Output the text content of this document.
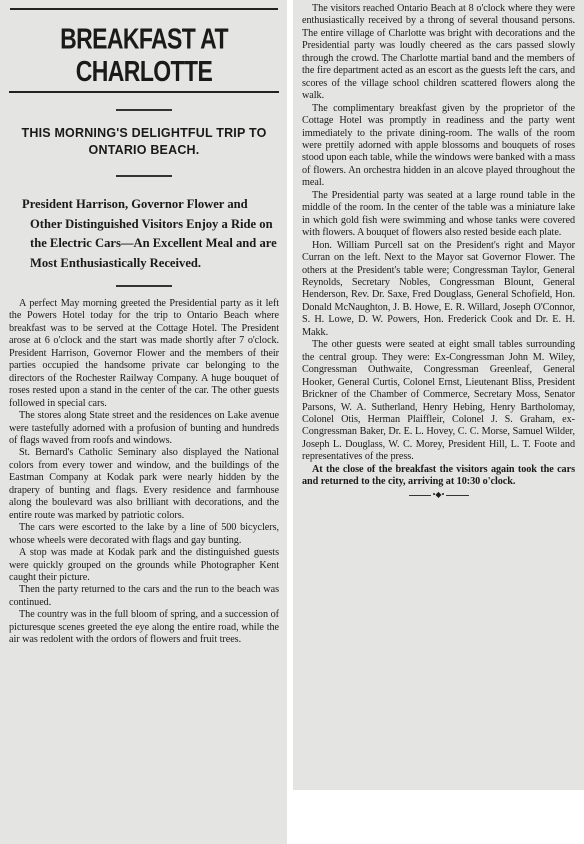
BREAKFAST AT CHARLOTTE

THIS MORNING'S DELIGHTFUL TRIP TO

ONTARIO BEACH.

President Harrison, Governor Flower and Other Distinguished Visitors Enjoy a Ride on the Electric Cars—An Excellent Meal and are Most Enthusiastically Received.

A perfect May morning greeted the Presidential party as it left the Powers Hotel today for the trip to Ontario Beach where breakfast was to be served at the Cottage Hotel. The President arose at 6 o'clock and the start was made shortly after 7 o'clock. President Harrison, Governor Flower and the members of their parties occupied the handsome private car belonging to the directors of the Rochester Railway Company. A huge bouquet of roses rested upon a stand in the center of the car. The other guests followed in special cars.

The stores along State street and the residences on Lake avenue were tastefully adorned with a profusion of bunting and hundreds of flags waved from roofs and windows.

St. Bernard's Catholic Seminary also displayed the National colors from every tower and window, and the buildings of the Eastman Company at Kodak park were nearly hidden by the drapery of bunting and flags. Every residence and farmhouse along the boulevard was also brilliant with decorations, and the entire route was marked by patriotic colors.

The cars were escorted to the lake by a line of 500 bicyclers, whose wheels were decorated with flags and gay bunting.

A stop was made at Kodak park and the distinguished guests were quickly grouped on the grounds while Photographer Kent caught their picture.

Then the party returned to the cars and the run to the beach was continued.

The country was in the full bloom of spring, and a succession of picturesque scenes greeted the eye along the entire road, while the air was redolent with the ordors of flowers and fruit trees.

The visitors reached Ontario Beach at 8 o'clock where they were enthusiastically received by a throng of several thousand persons. The entire village of Charlotte was bright with decorations and the Presidential party was loudly cheered as the cars passed slowly through the crowd. The Charlotte martial band and the members of the fire department acted as an escort as the guests left the cars, and scores of the village school children scattered flowers along the walk.

The complimentary breakfast given by the proprietor of the Cottage Hotel was promptly in readiness and the party went immediately to the private dining-room. The walls of the room were prettily adorned with apple blossoms and bouquets of roses stood upon each table, while the windows were banked with a mass of flowers. An orchestra hidden in an alcove played throughout the meal.

The Presidential party was seated at a large round table in the middle of the room. In the center of the table was a miniature lake in which gold fish were swimming and whose tanks were covered with flowers. A bouquet of flowers also rested beside each plate.

Hon. William Purcell sat on the President's right and Mayor Curran on the left. Next to the Mayor sat Governor Flower. The others at the President's table were; Congressman Taylor, General Reynolds, Secretary Nobles, Congressman Blount, General Henderson, Rev. Dr. Saxe, Fred Douglass, General Schofield, Hon. Donald McNaughton, J. B. Howe, E. R. Willard, Joseph O'Connor, S. H. Lowe, D. W. Powers, Hon. Frederick Cook and Dr. E. H. Makk.

The other guests were seated at eight small tables surrounding the central group. They were: Ex-Congressman John M. Wiley, Congressman Outhwaite, Congressman Greenleaf, General Hooker, General Curtis, Colonel Ernst, Lieutenant Bliss, President Brickner of the Chamber of Commerce, Secretary Moss, Senator Parsons, W. A. Sutherland, Henry Hebing, Henry Bartholomay, Colonel Otis, Herman Plaiffleir, Colonel J. S. Graham, ex-Congressman Baker, Dr. E. L. Hovey, C. C. Morse, Samuel Wilder, Joseph L. Douglass, W. C. Morey, President Hill, L. T. Foote and representatives of the press.

At the close of the breakfast the visitors again took the cars and returned to the city, arriving at 10:30 o'clock.

•◆•
